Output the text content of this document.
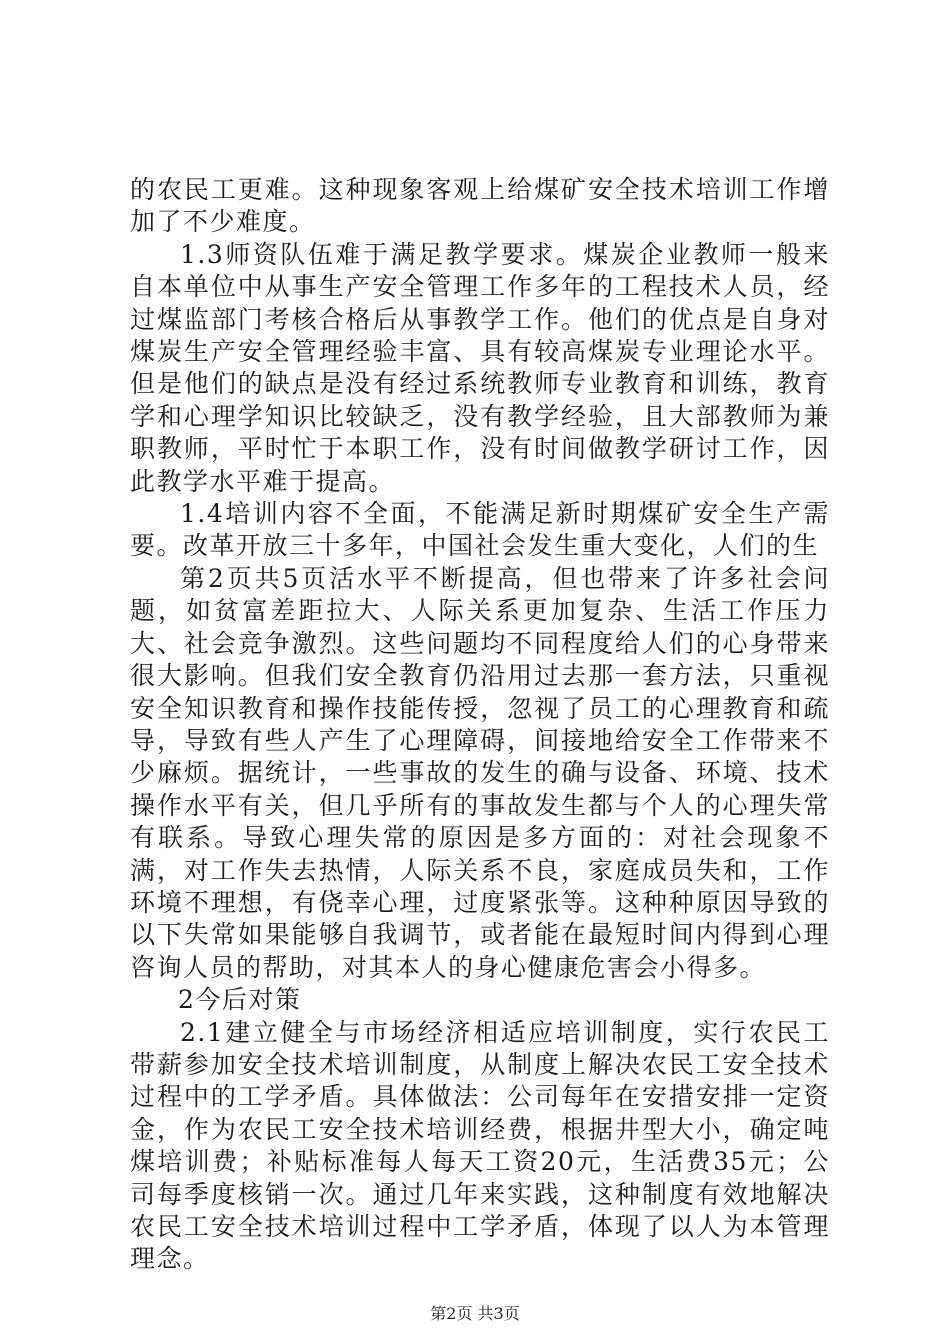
的农民工更难。这种现象客观上给煤矿安全技术培训工作增加了不少难度。

1.3师资队伍难于满足教学要求。煤炭企业教师一般来自本单位中从事生产安全管理工作多年的工程技术人员，经过煤监部门考核合格后从事教学工作。他们的优点是自身对煤炭生产安全管理经验丰富、具有较高煤炭专业理论水平。但是他们的缺点是没有经过系统教师专业教育和训练，教育学和心理学知识比较缺乏，没有教学经验，且大部教师为兼职教师，平时忙于本职工作，没有时间做教学研讨工作，因此教学水平难于提高。

1.4培训内容不全面，不能满足新时期煤矿安全生产需要。改革开放三十多年，中国社会发生重大变化，人们的生

第2页共5页活水平不断提高，但也带来了许多社会问题，如贫富差距拉大、人际关系更加复杂、生活工作压力大、社会竞争激烈。这些问题均不同程度给人们的心身带来很大影响。但我们安全教育仍沿用过去那一套方法，只重视安全知识教育和操作技能传授，忽视了员工的心理教育和疏导，导致有些人产生了心理障碍，间接地给安全工作带来不少麻烦。据统计，一些事故的发生的确与设备、环境、技术操作水平有关，但几乎所有的事故发生都与个人的心理失常有联系。导致心理失常的原因是多方面的：对社会现象不满，对工作失去热情，人际关系不良，家庭成员失和，工作环境不理想，有侥幸心理，过度紧张等。这种种原因导致的以下失常如果能够自我调节，或者能在最短时间内得到心理咨询人员的帮助，对其本人的身心健康危害会小得多。

2今后对策

2.1建立健全与市场经济相适应培训制度，实行农民工带薪参加安全技术培训制度，从制度上解决农民工安全技术过程中的工学矛盾。具体做法：公司每年在安措安排一定资金，作为农民工安全技术培训经费，根据井型大小，确定吨煤培训费；补贴标准每人每天工资20元，生活费35元；公司每季度核销一次。通过几年来实践，这种制度有效地解决农民工安全技术培训过程中工学矛盾，体现了以人为本管理理念。

第2页 共3页
